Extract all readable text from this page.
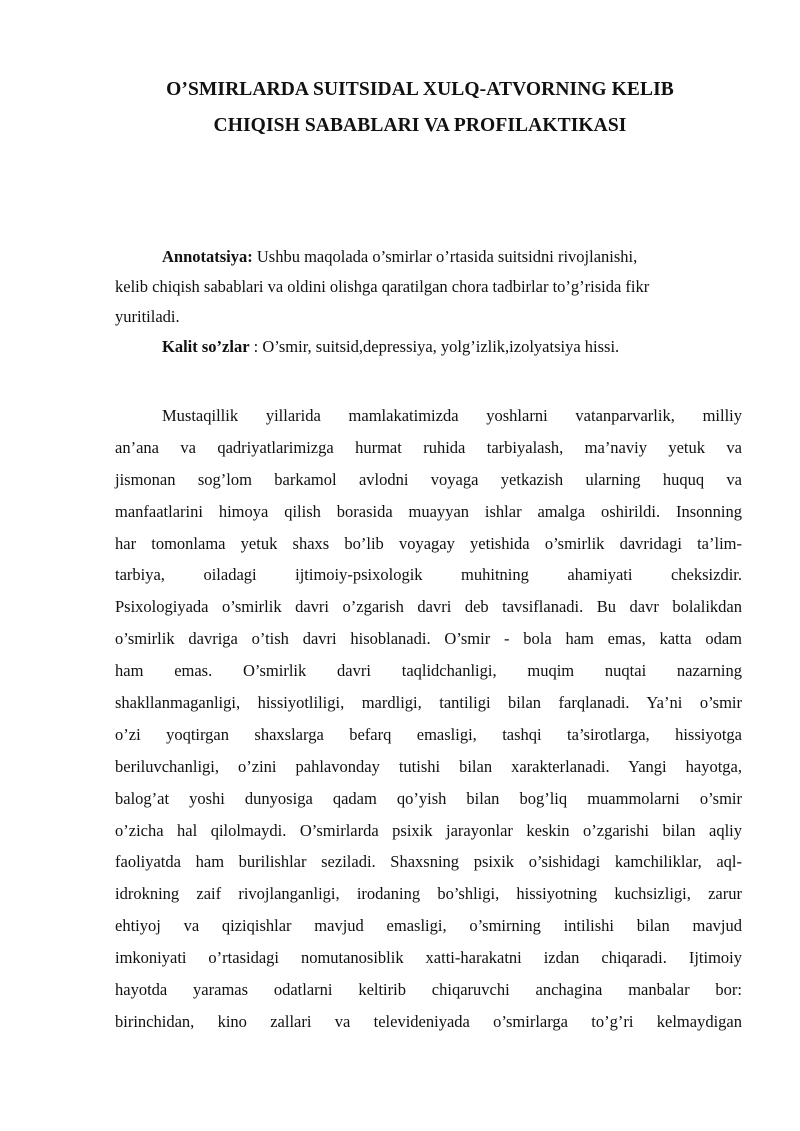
O’SMIRLARDA SUITSIDAL XULQ-ATVORNING KELIB
CHIQISH SABABLARI VA PROFILAKTIKASI

Annotatsiya: Ushbu maqolada o’smirlar o’rtasida suitsidni rivojlanishi,

kelib chiqish sabablari va oldini olishga qaratilgan chora tadbirlar to’g’risida fikr

yuritiladi.

Kalit so’zlar : O’smir, suitsid,depressiya, yolg’izlik,izolyatsiya hissi.

Mustaqillik yillarida mamlakatimizda yoshlarni vatanparvarlik, milliy
an’ana va qadriyatlarimizga hurmat ruhida tarbiyalash, ma’naviy yetuk va
jismonan sog’lom barkamol avlodni voyaga yetkazish ularning huquq va
manfaatlarini himoya qilish borasida muayyan ishlar amalga oshirildi. Insonning
har tomonlama yetuk shaxs bo’lib voyagay yetishida o’smirlik davridagi ta’lim-
tarbiya, oiladagi ijtimoiy-psixologik muhitning ahamiyati cheksizdir.
Psixologiyada o’smirlik davri o’zgarish davri deb tavsiflanadi. Bu davr bolalikdan
o’smirlik davriga o’tish davri hisoblanadi. O’smir - bola ham emas, katta odam
ham emas. O’smirlik davri taqlidchanligi, muqim nuqtai nazarning
shakllanmaganligi, hissiyotliligi, mardligi, tantiligi bilan farqlanadi. Ya’ni o’smir
o’zi yoqtirgan shaxslarga befarq emasligi, tashqi ta’sirotlarga, hissiyotga
beriluvchanligi, o’zini pahlavonday tutishi bilan xarakterlanadi. Yangi hayotga,
balog’at yoshi dunyosiga qadam qo’yish bilan bog’liq muammolarni o’smir
o’zicha hal qilolmaydi. O’smirlarda psixik jarayonlar keskin o’zgarishi bilan aqliy
faoliyatda ham burilishlar seziladi. Shaxsning psixik o’sishidagi kamchiliklar, aql-
idrokning zaif rivojlanganligi, irodaning bo’shligi, hissiyotning kuchsizligi, zarur
ehtiyoj va qiziqishlar mavjud emasligi, o’smirning intilishi bilan mavjud
imkoniyati o’rtasidagi nomutanosiblik xatti-harakatni izdan chiqaradi. Ijtimoiy
hayotda yaramas odatlarni keltirib chiqaruvchi anchagina manbalar bor:
birinchidan, kino zallari va televideniyada o’smirlarga to’g’ri kelmaydigan
